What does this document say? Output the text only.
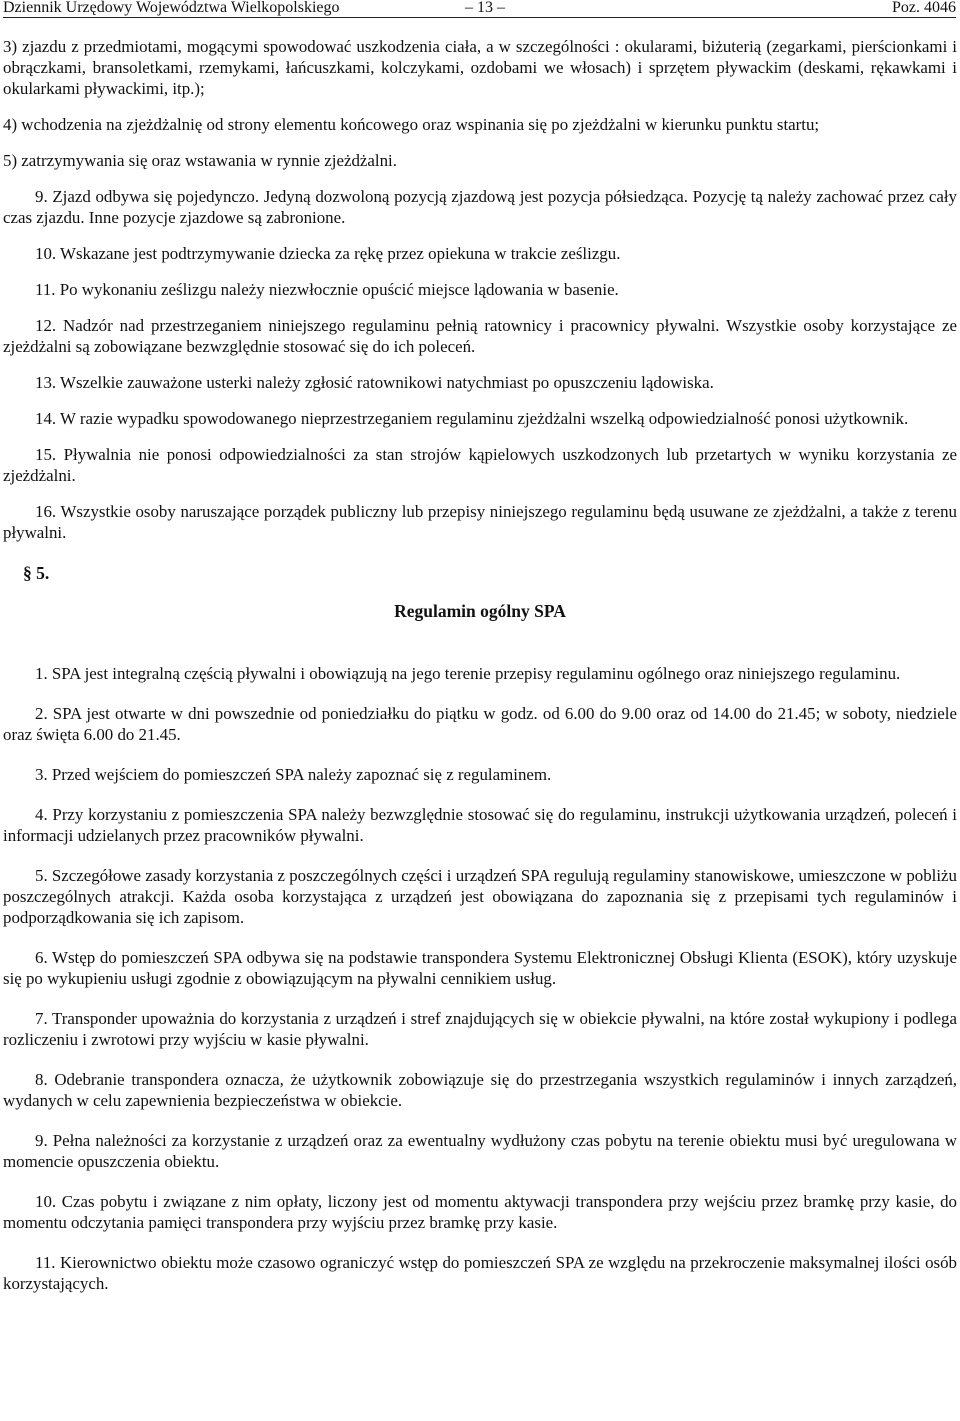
Dziennik Urzędowy Województwa Wielkopolskiego	– 13 –	Poz. 4046

3) zjazdu z przedmiotami, mogącymi spowodować uszkodzenia ciała, a w szczególności : okularami, biżuterią (zegarkami, pierścionkami i obrączkami, bransoletkami, rzemykami, łańcuszkami, kolczykami, ozdobami we włosach) i sprzętem pływackim (deskami, rękawkami i okularkami pływackimi, itp.);

4) wchodzenia na zjeżdżalnię od strony elementu końcowego oraz wspinania się po zjeżdżalni w kierunku punktu startu;

5) zatrzymywania się oraz wstawania w rynnie zjeżdżalni.

9. Zjazd odbywa się pojedynczo. Jedyną dozwoloną pozycją zjazdową jest pozycja półsiedząca. Pozycję tą należy zachować przez cały czas zjazdu. Inne pozycje zjazdowe są zabronione.

10. Wskazane jest podtrzymywanie dziecka za rękę przez opiekuna w trakcie ześlizgu.

11. Po wykonaniu ześlizgu należy niezwłocznie opuścić miejsce lądowania w basenie.

12. Nadzór nad przestrzeganiem niniejszego regulaminu pełnią ratownicy i pracownicy pływalni. Wszystkie osoby korzystające ze zjeżdżalni są zobowiązane bezwzględnie stosować się do ich poleceń.

13. Wszelkie zauważone usterki należy zgłosić ratownikowi natychmiast po opuszczeniu lądowiska.

14. W razie wypadku spowodowanego nieprzestrzeganiem regulaminu zjeżdżalni wszelką odpowiedzialność ponosi użytkownik.

15. Pływalnia nie ponosi odpowiedzialności za stan strojów kąpielowych uszkodzonych lub przetartych w wyniku korzystania ze zjeżdżalni.

16. Wszystkie osoby naruszające porządek publiczny lub przepisy niniejszego regulaminu będą usuwane ze zjeżdżalni, a także z terenu pływalni.

§ 5.
Regulamin ogólny SPA

1. SPA jest integralną częścią pływalni i obowiązują na jego terenie przepisy regulaminu ogólnego oraz niniejszego regulaminu.

2. SPA jest otwarte w dni powszednie od poniedziałku do piątku w godz. od 6.00 do 9.00 oraz od 14.00 do 21.45; w soboty, niedziele oraz święta 6.00 do 21.45.

3. Przed wejściem do pomieszczeń SPA należy zapoznać się z regulaminem.

4. Przy korzystaniu z pomieszczenia SPA należy bezwzględnie stosować się do regulaminu, instrukcji użytkowania urządzeń, poleceń i informacji udzielanych przez pracowników pływalni.

5. Szczegółowe zasady korzystania z poszczególnych części i urządzeń SPA regulują regulaminy stanowiskowe, umieszczone w pobliżu poszczególnych atrakcji. Każda osoba korzystająca z urządzeń jest obowiązana do zapoznania się z przepisami tych regulaminów i podporządkowania się ich zapisom.

6. Wstęp do pomieszczeń SPA odbywa się na podstawie transpondera Systemu Elektronicznej Obsługi Klienta (ESOK), który uzyskuje się po wykupieniu usługi zgodnie z obowiązującym na pływalni cennikiem usług.

7. Transponder upoważnia do korzystania z urządzeń i stref znajdujących się w obiekcie pływalni, na które został wykupiony i podlega rozliczeniu i zwrotowi przy wyjściu w kasie pływalni.

8. Odebranie transpondera oznacza, że użytkownik zobowiązuje się do przestrzegania wszystkich regulaminów i innych zarządzeń, wydanych w celu zapewnienia bezpieczeństwa w obiekcie.

9. Pełna należności za korzystanie z urządzeń oraz za ewentualny wydłużony czas pobytu na terenie obiektu musi być uregulowana w momencie opuszczenia obiektu.

10. Czas pobytu i związane z nim opłaty, liczony jest od momentu aktywacji transpondera przy wejściu przez bramkę przy kasie, do momentu odczytania pamięci transpondera przy wyjściu przez bramkę przy kasie.

11. Kierownictwo obiektu może czasowo ograniczyć wstęp do pomieszczeń SPA ze względu na przekroczenie maksymalnej ilości osób korzystających.
